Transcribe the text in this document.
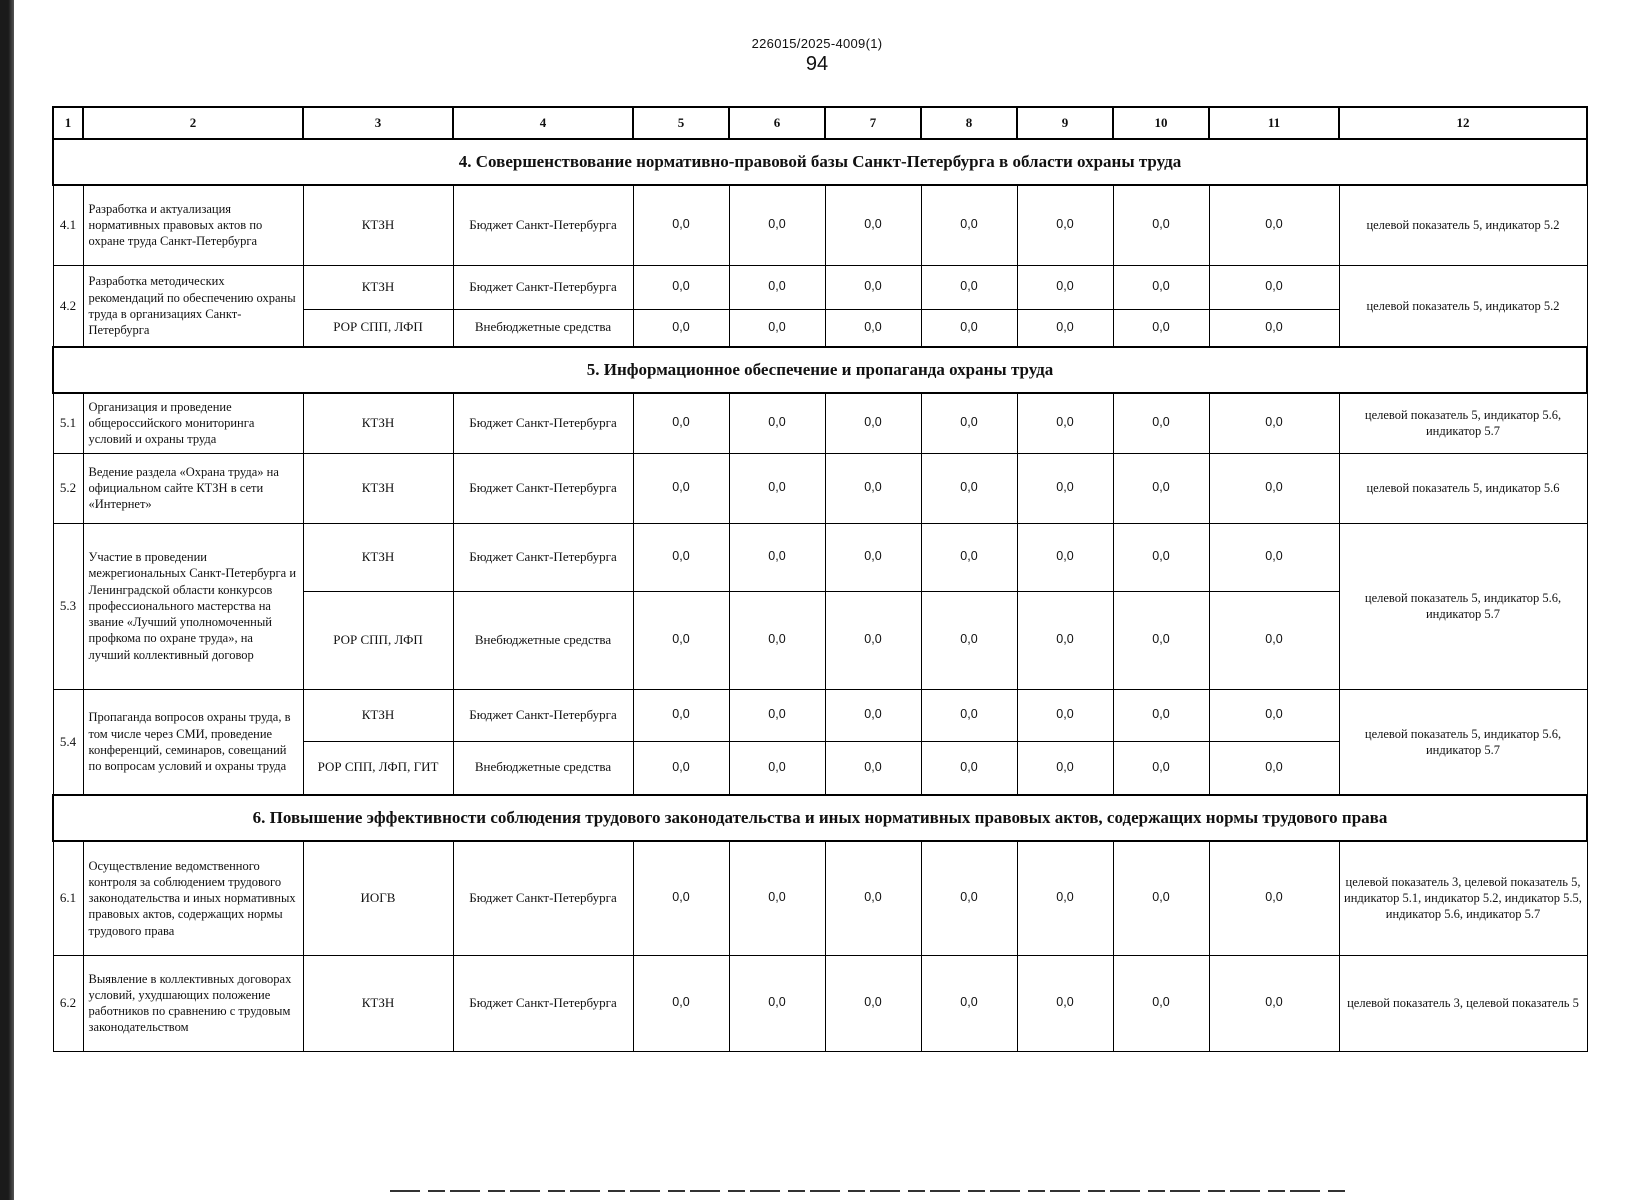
226015/2025-4009(1)
94
1	2	3	4	5	6	7	8	9	10	11	12
4. Совершенствование нормативно-правовой базы Санкт-Петербурга в области охраны труда											
4.1	Разработка и актуализация нормативных правовых актов по охране труда Санкт-Петербурга	КТЗН	Бюджет Санкт-Петербурга	0,0	0,0	0,0	0,0	0,0	0,0	0,0	целевой показатель 5, индикатор 5.2
4.2	Разработка методических рекомендаций по обеспечению охраны труда в организациях Санкт-Петербурга	КТЗН	Бюджет Санкт-Петербурга	0,0	0,0	0,0	0,0	0,0	0,0	0,0	целевой показатель 5, индикатор 5.2
		РОР СПП, ЛФП	Внебюджетные средства	0,0	0,0	0,0	0,0	0,0	0,0	0,0	
5. Информационное обеспечение и пропаганда охраны труда											
5.1	Организация и проведение общероссийского мониторинга условий и охраны труда	КТЗН	Бюджет Санкт-Петербурга	0,0	0,0	0,0	0,0	0,0	0,0	0,0	целевой показатель 5, индикатор 5.6, индикатор 5.7
5.2	Ведение раздела «Охрана труда» на официальном сайте КТЗН в сети «Интернет»	КТЗН	Бюджет Санкт-Петербурга	0,0	0,0	0,0	0,0	0,0	0,0	0,0	целевой показатель 5, индикатор 5.6
5.3	Участие в проведении межрегиональных Санкт-Петербурга и Ленинградской области конкурсов профессионального мастерства на звание «Лучший уполномоченный профкома по охране труда», на лучший коллективный договор	КТЗН	Бюджет Санкт-Петербурга	0,0	0,0	0,0	0,0	0,0	0,0	0,0	целевой показатель 5, индикатор 5.6, индикатор 5.7
		РОР СПП, ЛФП	Внебюджетные средства	0,0	0,0	0,0	0,0	0,0	0,0	0,0	
5.4	Пропаганда вопросов охраны труда, в том числе через СМИ, проведение конференций, семинаров, совещаний по вопросам условий и охраны труда	КТЗН	Бюджет Санкт-Петербурга	0,0	0,0	0,0	0,0	0,0	0,0	0,0	целевой показатель 5, индикатор 5.6, индикатор 5.7
		РОР СПП, ЛФП, ГИТ	Внебюджетные средства	0,0	0,0	0,0	0,0	0,0	0,0	0,0	
6. Повышение эффективности соблюдения трудового законодательства и иных нормативных правовых актов, содержащих нормы трудового права											
6.1	Осуществление ведомственного контроля за соблюдением трудового законодательства и иных нормативных правовых актов, содержащих нормы трудового права	ИОГВ	Бюджет Санкт-Петербурга	0,0	0,0	0,0	0,0	0,0	0,0	0,0	целевой показатель 3, целевой показатель 5, индикатор 5.1, индикатор 5.2, индикатор 5.5, индикатор 5.6, индикатор 5.7
6.2	Выявление в коллективных договорах условий, ухудшающих положение работников по сравнению с трудовым законодательством	КТЗН	Бюджет Санкт-Петербурга	0,0	0,0	0,0	0,0	0,0	0,0	0,0	целевой показатель 3, целевой показатель 5
